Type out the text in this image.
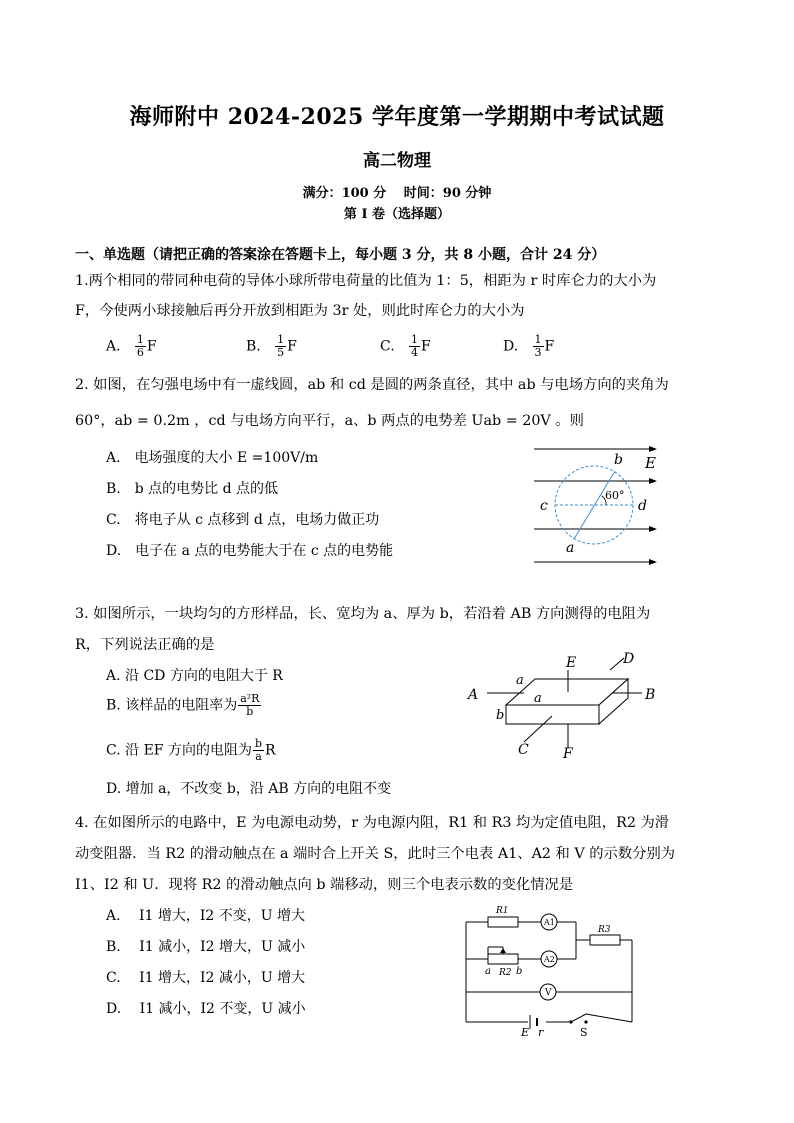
海师附中 2024-2025 学年度第一学期期中考试试题
高二物理
满分：100 分　 时间：90 分钟
第 I 卷（选择题）
一、单选题（请把正确的答案涂在答题卡上，每小题 3 分，共 8 小题，合计 24 分）
1.两个相同的带同种电荷的导体小球所带电荷量的比值为 1：5，相距为 r 时库仑力的大小为
F，今使两小球接触后再分开放到相距为 3r 处，则此时库仑力的大小为
A. $\frac{1}{6}$ F	B. $\frac{1}{5}$ F	C. $\frac{1}{4}$ F	D. $\frac{1}{3}$ F
2. 如图，在匀强电场中有一虚线圆，ab 和 cd 是圆的两条直径，其中 ab 与电场方向的夹角为
60°，ab = 0.2m ，cd 与电场方向平行，a、b 两点的电势差 Uab = 20V 。则
A.　电场强度的大小 E =100V/m
B.　b 点的电势比 d 点的低
C.　将电子从 c 点移到 d 点，电场力做正功
D.　电子在 a 点的电势能大于在 c 点的电势能
b E
c	d
a
60°
3. 如图所示，一块均匀的方形样品，长、宽均为 a、厚为 b，若沿着 AB 方向测得的电阻为
R，下列说法正确的是
A. 沿 CD 方向的电阻大于 R
B. 该样品的电阻率为 $\frac{\text{a²R}}{b}$
C. 沿 EF 方向的电阻为 $\frac{b}{a}$ R
D. 增加 a，不改变 b，沿 AB 方向的电阻不变
A	B
C
D
E
F
a
a
b
4. 在如图所示的电路中，E 为电源电动势，r 为电源内阻，R1 和 R3 均为定值电阻，R2 为滑
动变阻器．当 R2 的滑动触点在 a 端时合上开关 S，此时三个电表 A1、A2 和 V 的示数分别为
I1、I2 和 U．现将 R2 的滑动触点向 b 端移动，则三个电表示数的变化情况是
A.　 I1 增大，I2 不变，U 增大
B.　 I1 减小，I2 增大，U 减小
C.　 I1 增大，I2 减小，U 增大
D.　 I1 减小，I2 不变，U 减小
R1
R2
R3
A1
A2
V
a	b
E r	S
